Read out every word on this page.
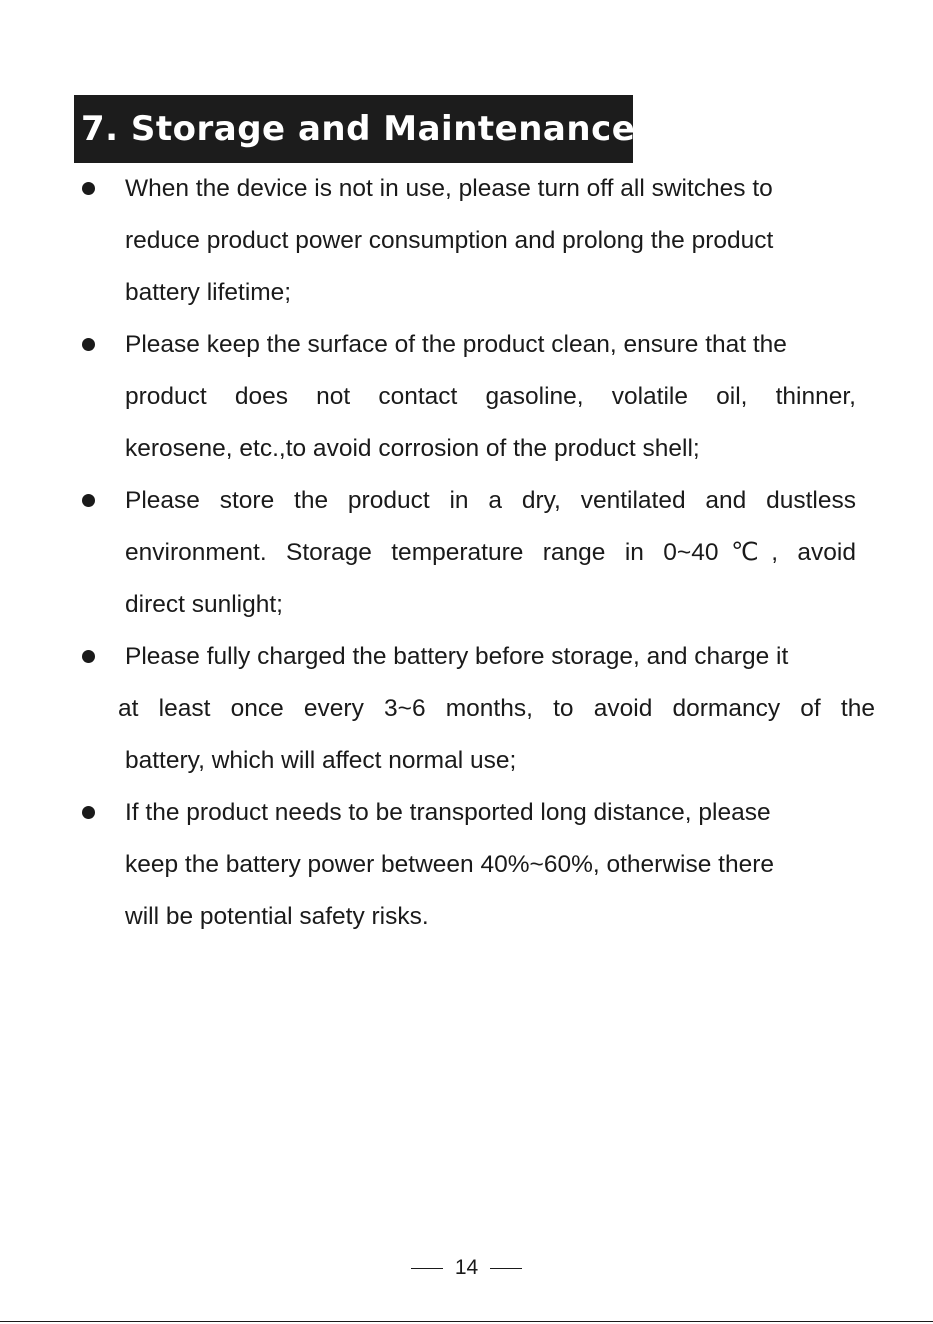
7. Storage and Maintenance
When the device is not in use, please turn off all switches to
reduce product power consumption and prolong the product
battery lifetime;
Please keep the surface of the product clean, ensure that the
product does not contact gasoline, volatile oil, thinner,
kerosene, etc.,to avoid corrosion of the product shell;
Please store the product in a dry, ventilated and dustless
environment. Storage temperature range in 0~40℃, avoid
direct sunlight;
Please fully charged the battery before storage, and charge it
at least once every 3~6 months, to avoid dormancy of the
battery, which will affect normal use;
If the product needs to be transported long distance, please
keep the battery power between 40%~60%, otherwise there
will be potential safety risks.
14
